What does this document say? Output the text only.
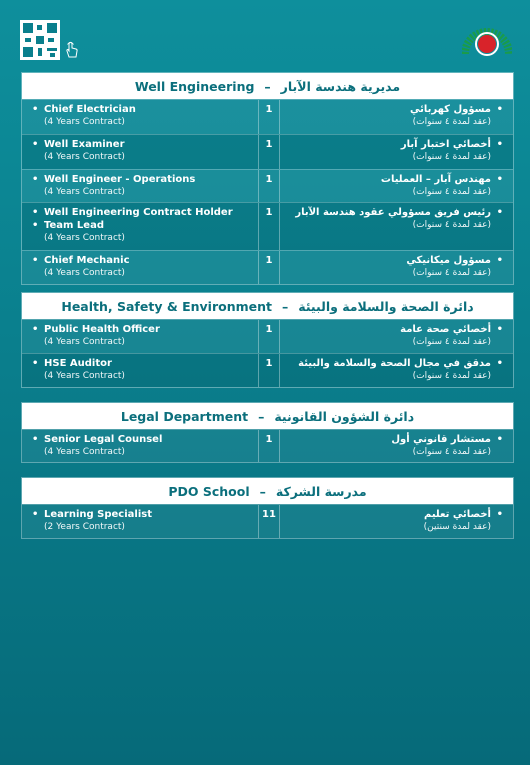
Well Engineering – مديرية هندسة الآبار
• Chief Electrician
(4 Years Contract)
1	• مسؤول كهربائي
(عقد لمدة ٤ سنوات)
• Well Examiner
(4 Years Contract)
1	• أخصائي اختبار آبار
(عقد لمدة ٤ سنوات)
• Well Engineer - Operations
(4 Years Contract)
1	• مهندس آبار – العمليات
(عقد لمدة ٤ سنوات)
• Well Engineering Contract Holder
• Team Lead
(4 Years Contract)
1	• رئيس فريق مسؤولي عقود هندسة الآبار
(عقد لمدة ٤ سنوات)
• Chief Mechanic
(4 Years Contract)
1	• مسؤول ميكانيكي
(عقد لمدة ٤ سنوات)
Health, Safety & Environment – دائرة الصحة والسلامة والبيئة
• Public Health Officer
(4 Years Contract)
1	• أخصائي صحة عامة
(عقد لمدة ٤ سنوات)
• HSE Auditor
(4 Years Contract)
1	• مدقق في مجال الصحة والسلامة والبيئة
(عقد لمدة ٤ سنوات)
Legal Department – دائرة الشؤون القانونية
• Senior Legal Counsel
(4 Years Contract)
1	• مستشار قانوني أول
(عقد لمدة ٤ سنوات)
PDO School – مدرسة الشركة
• Learning Specialist
(2 Years Contract)
11	• أخصائي تعليم
(عقد لمدة سنتين)
